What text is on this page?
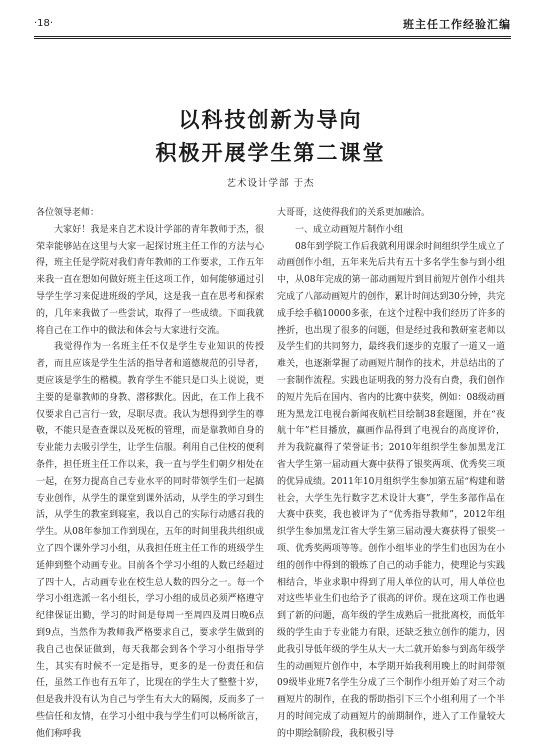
·18·	班主任工作经验汇编
以科技创新为导向
积极开展学生第二课堂
艺术设计学部 于杰

各位领导老师：

大家好！我是来自艺术设计学部的青年教师于杰，很荣幸能够站在这里与大家一起探讨班主任工作的方法与心得，班主任是学院对我们青年教师的工作要求，工作五年来我一直在想如何做好班主任这项工作，如何能够通过引导学生学习来促进班级的学风，这是我一直在思考和探索的，几年来我做了一些尝试，取得了一些成绩。下面我就将自己在工作中的做法和体会与大家进行交流。

我觉得作为一名班主任不仅是学生专业知识的传授者，而且应该是学生生活的指导者和道德规范的引导者，更应该是学生的楷模。教育学生不能只是口头上说说，更主要的是靠教师的身教、潜移默化。因此，在工作上我不仅要求自己言行一致，尽职尽责。我认为想得到学生的尊敬，不能只是查查课以及死板的管理，而是靠教师自身的专业能力去吸引学生，让学生信服。利用自己住校的便利条件，担任班主任工作以来，我一直与学生们朝夕相处在一起，在努力提高自己专业水平的同时带领学生们一起搞专业创作，从学生的课堂到课外活动，从学生的学习到生活，从学生的教室到寝室，我以自己的实际行动感召我的学生。从08年参加工作到现在，五年的时间里我共组织成立了四个课外学习小组，从我担任班主任工作的班级学生延伸到整个动画专业。目前各个学习小组的人数已经超过了四十人，占动画专业在校生总人数的四分之一。每一个学习小组选派一名小组长，学习小组的成员必须严格遵守纪律保证出勤，学习的时间是每周一至周四及周日晚6点到9点，当然作为教师我严格要求自己，要求学生做到的我自己也保证做到，每天我都会到各个学习小组指导学生，其实有时候不一定是指导，更多的是一份责任和信任，虽然工作也有五年了，比现在的学生大了整整十岁，但是我并没有认为自己与学生有大大的隔阂，反而多了一些信任和友情，在学习小组中我与学生们可以畅所欲言，他们称呼我

大哥哥，这使得我们的关系更加融洽。

一、成立动画短片制作小组

08年到学院工作后我就利用课余时间组织学生成立了动画创作小组，五年来先后共有五十多名学生参与到小组中，从08年完成的第一部动画短片到目前短片创作小组共完成了八部动画短片的创作，累计时间达到30分钟，共完成手绘手稿10000多张，在这个过程中我们经历了许多的挫折，也出现了很多的问题，但是经过我和教研室老师以及学生们的共同努力，最终我们逐步的克服了一道又一道难关，也逐渐掌握了动画短片制作的技术，并总结出的了一套制作流程。实践也证明我的努力没有白费，我们创作的短片先后在国内、省内的比赛中获奖，例如：08级动画班为黑龙江电视台新闻夜航栏目绘制38套题图，并在“夜航十年”栏目播放，赢画作品得到了电视台的高度评价，并为我院赢得了荣誉证书；2010年组织学生参加黑龙江省大学生第一届动画大赛中获得了银奖两项、优秀奖三项的优异成绩。2011年10月组织学生参加第五届“构建和谐社会，大学生先行数字艺术设计大赛”，学生多部作品在大赛中获奖，我也被评为了“优秀指导教师”，2012年组织学生参加黑龙江省大学生第三届动漫大赛获得了银奖一项、优秀奖两项等等。创作小组毕业的学生们也因为在小组的创作中得到的锻炼了自己的动手能力，使理论与实践相结合，毕业求职中得到了用人单位的认可，用人单位也对这些毕业生们也给予了很高的评价。现在这项工作也遇到了新的问题，高年级的学生成熟后一批批离校，而低年级的学生由于专业能力有限，还缺乏独立创作的能力，因此我引导低年级的学生从大一大二就开始参与到高年级学生的动画短片创作中，本学期开始我利用晚上的时间带领09级毕业班7名学生分成了三个制作小组开始了对三个动画短片的制作，在我的帮助指引下三个小组利用了一个半月的时间完成了动画短片的前期制作，进入了工作量较大的中期绘制阶段，我积极引导
